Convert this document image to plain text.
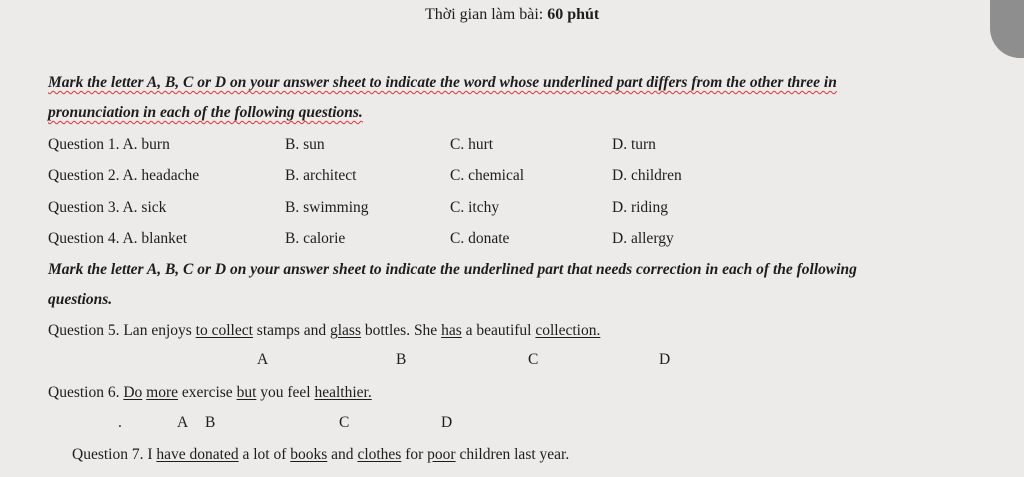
Thời gian làm bài: 60 phút
Mark the letter A, B, C or D on your answer sheet to indicate the word whose underlined part differs from the other three in
pronunciation in each of the following questions.
Question 1. A. burn	B. sun	C. hurt	D. turn
Question 2. A. headache	B. architect	C. chemical	D. children
Question 3. A. sick	B. swimming	C. itchy	D. riding
Question 4. A. blanket	B. calorie	C. donate	D. allergy
Mark the letter A, B, C or D on your answer sheet to indicate the underlined part that needs correction in each of the following
questions.
Question 5. Lan enjoys to collect stamps and glass bottles. She has a beautiful collection.
A	B	C	D
Question 6. Do more exercise but you feel healthier.
.	A B	C	D
Question 7. I have donated a lot of books and clothes for poor children last year.
